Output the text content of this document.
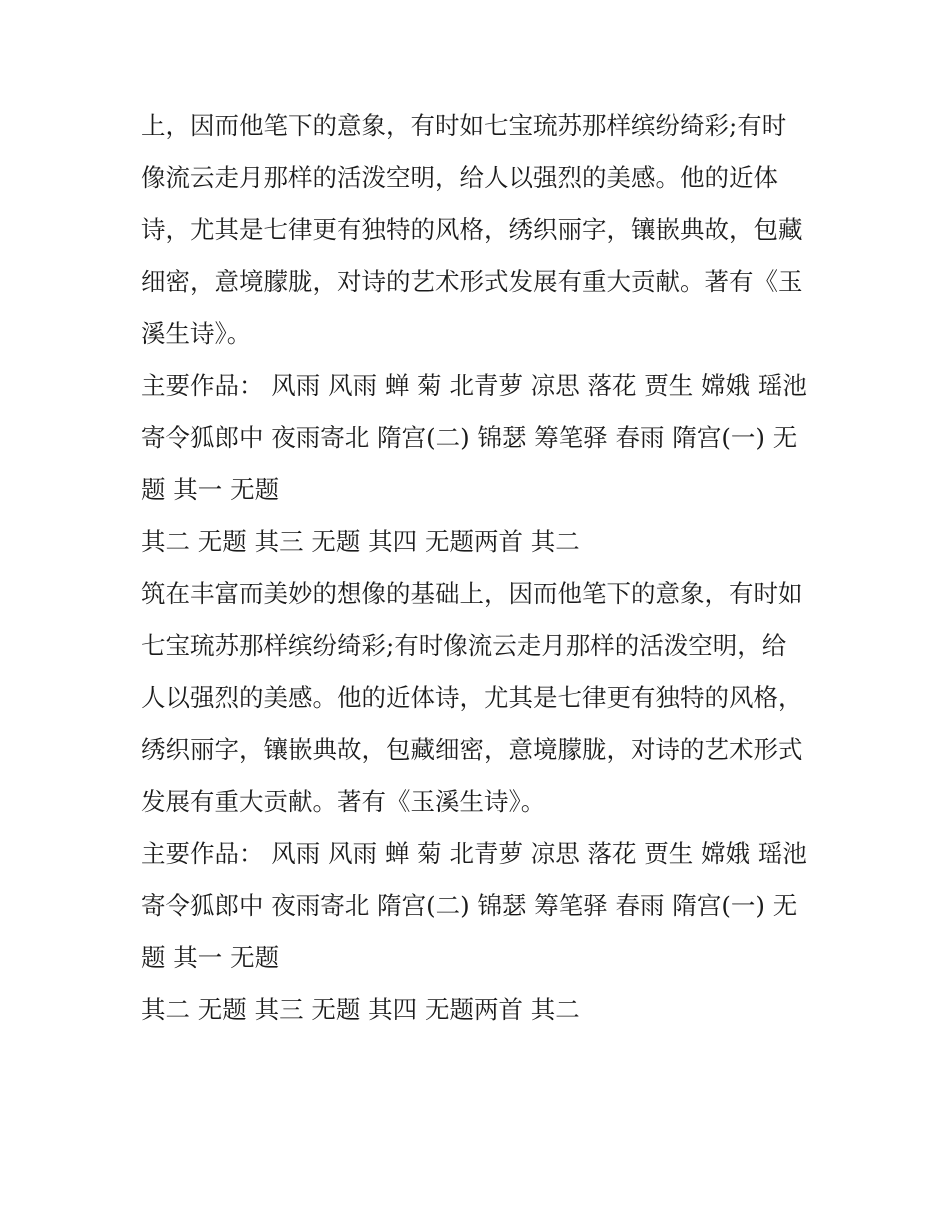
上，因而他笔下的意象，有时如七宝琉苏那样缤纷绮彩;有时
像流云走月那样的活泼空明，给人以强烈的美感。他的近体
诗，尤其是七律更有独特的风格，绣织丽字，镶嵌典故，包藏
细密，意境朦胧，对诗的艺术形式发展有重大贡献。著有《玉
溪生诗》。
主要作品： 风雨 风雨 蝉 菊 北青萝 凉思 落花 贾生 嫦娥 瑶池
寄令狐郎中 夜雨寄北 隋宫(二) 锦瑟 筹笔驿 春雨 隋宫(一) 无
题 其一 无题
其二 无题 其三 无题 其四 无题两首 其二
筑在丰富而美妙的想像的基础上，因而他笔下的意象，有时如
七宝琉苏那样缤纷绮彩;有时像流云走月那样的活泼空明，给
人以强烈的美感。他的近体诗，尤其是七律更有独特的风格，
绣织丽字，镶嵌典故，包藏细密，意境朦胧，对诗的艺术形式
发展有重大贡献。著有《玉溪生诗》。
主要作品： 风雨 风雨 蝉 菊 北青萝 凉思 落花 贾生 嫦娥 瑶池
寄令狐郎中 夜雨寄北 隋宫(二) 锦瑟 筹笔驿 春雨 隋宫(一) 无
题 其一 无题
其二 无题 其三 无题 其四 无题两首 其二
